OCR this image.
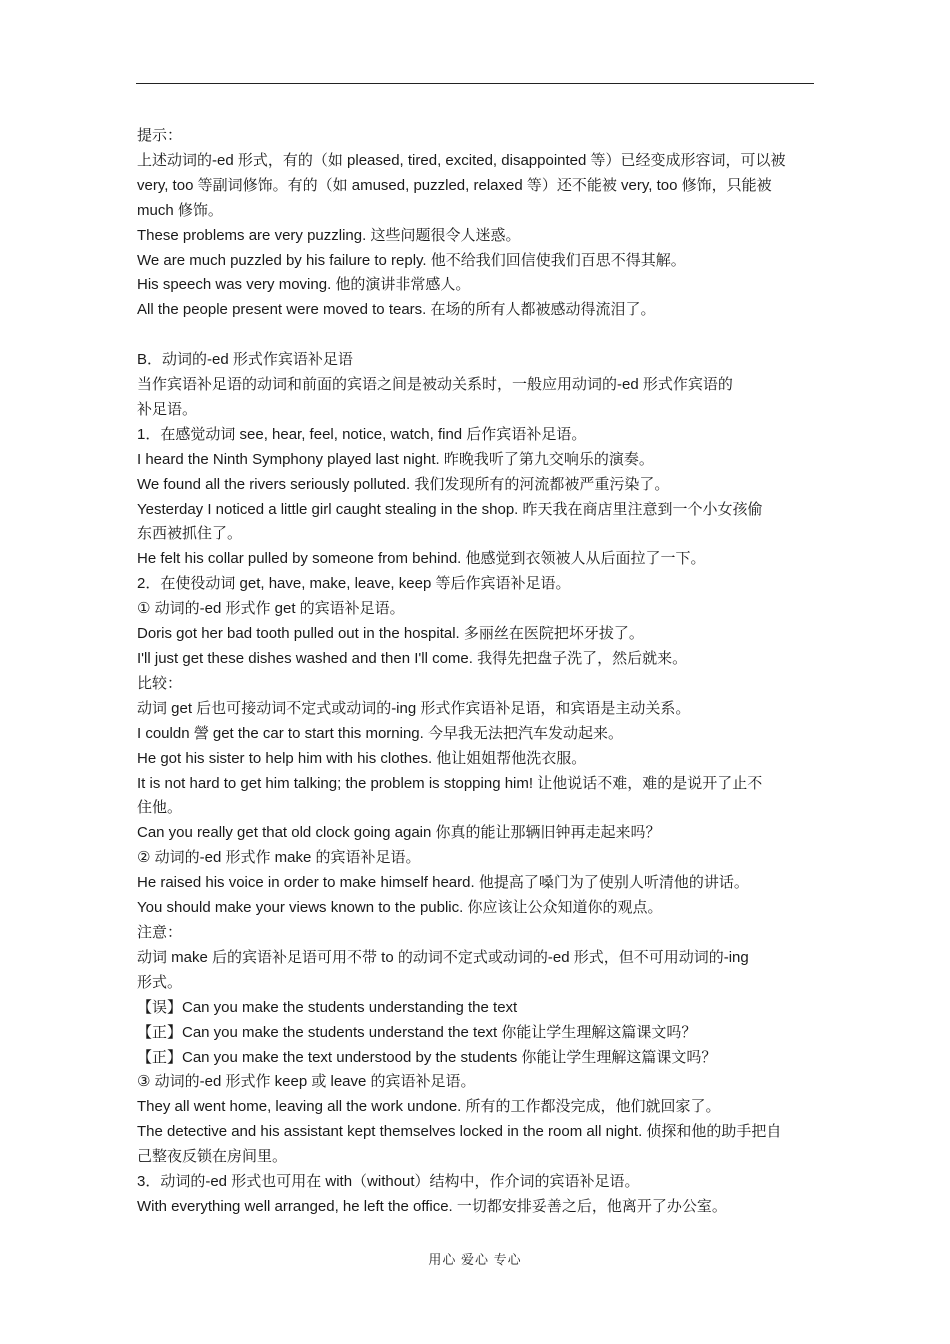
提示：
上述动词的-ed 形式，有的（如 pleased, tired, excited, disappointed 等）已经变成形容词，可以被
very, too 等副词修饰。有的（如 amused, puzzled, relaxed 等）还不能被 very, too 修饰，只能被
much 修饰。
These problems are very puzzling. 这些问题很令人迷惑。
We are much puzzled by his failure to reply. 他不给我们回信使我们百思不得其解。
His speech was very moving. 他的演讲非常感人。
All the people present were moved to tears. 在场的所有人都被感动得流泪了。
B．动词的-ed 形式作宾语补足语
当作宾语补足语的动词和前面的宾语之间是被动关系时，一般应用动词的-ed 形式作宾语的
补足语。
1．在感觉动词 see, hear, feel, notice, watch, find 后作宾语补足语。
I heard the Ninth Symphony played last night. 昨晚我听了第九交响乐的演奏。
We found all the rivers seriously polluted. 我们发现所有的河流都被严重污染了。
Yesterday I noticed a little girl caught stealing in the shop. 昨天我在商店里注意到一个小女孩偷
东西被抓住了。
He felt his collar pulled by someone from behind. 他感觉到衣领被人从后面拉了一下。
2．在使役动词 get, have, make, leave, keep 等后作宾语补足语。
① 动词的-ed 形式作 get 的宾语补足语。
Doris got her bad tooth pulled out in the hospital. 多丽丝在医院把坏牙拔了。
I'll just get these dishes washed and then I'll come. 我得先把盘子洗了，然后就来。
比较：
动词 get 后也可接动词不定式或动词的-ing 形式作宾语补足语，和宾语是主动关系。
I couldn 謍 get the car to start this morning. 今早我无法把汽车发动起来。
He got his sister to help him with his clothes. 他让姐姐帮他洗衣服。
It is not hard to get him talking; the problem is stopping him! 让他说话不难，难的是说开了止不
住他。
Can you really get that old clock going again 你真的能让那辆旧钟再走起来吗？
② 动词的-ed 形式作 make 的宾语补足语。
He raised his voice in order to make himself heard. 他提高了嗓门为了使别人听清他的讲话。
You should make your views known to the public. 你应该让公众知道你的观点。
注意：
动词 make 后的宾语补足语可用不带 to 的动词不定式或动词的-ed 形式，但不可用动词的-ing
形式。
【误】Can you make the students understanding the text
【正】Can you make the students understand the text 你能让学生理解这篇课文吗？
【正】Can you make the text understood by the students 你能让学生理解这篇课文吗？
③ 动词的-ed 形式作 keep 或 leave 的宾语补足语。
They all went home, leaving all the work undone. 所有的工作都没完成，他们就回家了。
The detective and his assistant kept themselves locked in the room all night. 侦探和他的助手把自
己整夜反锁在房间里。
3．动词的-ed 形式也可用在 with（without）结构中，作介词的宾语补足语。
With everything well arranged, he left the office. 一切都安排妥善之后，他离开了办公室。
用心 爱心 专心
